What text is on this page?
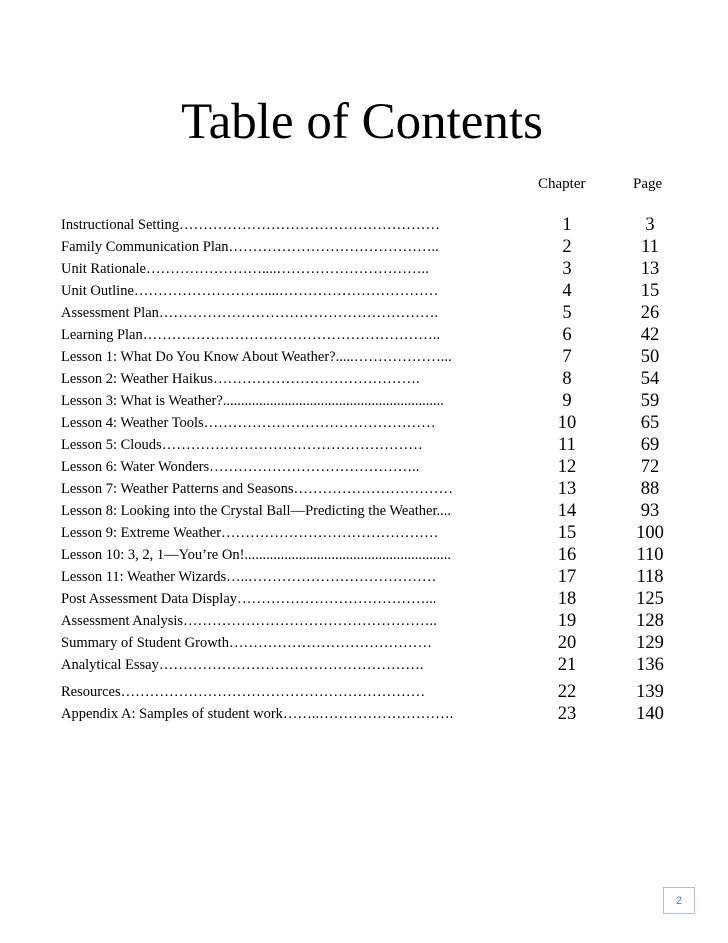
Table of Contents
Chapter	Page
Instructional Setting………………………………………………	1	3
Family Communication Plan……………………………………..	2	11
Unit Rationale……………………....…………………………..	3	13
Unit Outline………………………....……………………………	4	15
Assessment Plan………………………………………………….	5	26
Learning Plan……………………………………………………..	6	42
Lesson 1: What Do You Know About Weather?.....………………...	7	50
Lesson 2: Weather Haikus…………………………………….	8	54
Lesson 3: What is Weather?.............................................................	9	59
Lesson 4: Weather Tools…………………………………………	10	65
Lesson 5: Clouds………………………………………………	11	69
Lesson 6: Water Wonders……………………………………..	12	72
Lesson 7: Weather Patterns and Seasons……………………………	13	88
Lesson 8: Looking into the Crystal Ball—Predicting the Weather....	14	93
Lesson 9: Extreme Weather………………………………………	15	100
Lesson 10: 3, 2, 1—You’re On!.........................................................	16	110
Lesson 11: Weather Wizards…..…………………………………	17	118
Post Assessment Data Display…………………………………...	18	125
Assessment Analysis……………………………………………..	19	128
Summary of Student Growth……………………………………	20	129
Analytical Essay……………………………………………….	21	136
Resources………………………………………………………	22	139
Appendix A: Samples of student work……..……………………….	23	140
2
